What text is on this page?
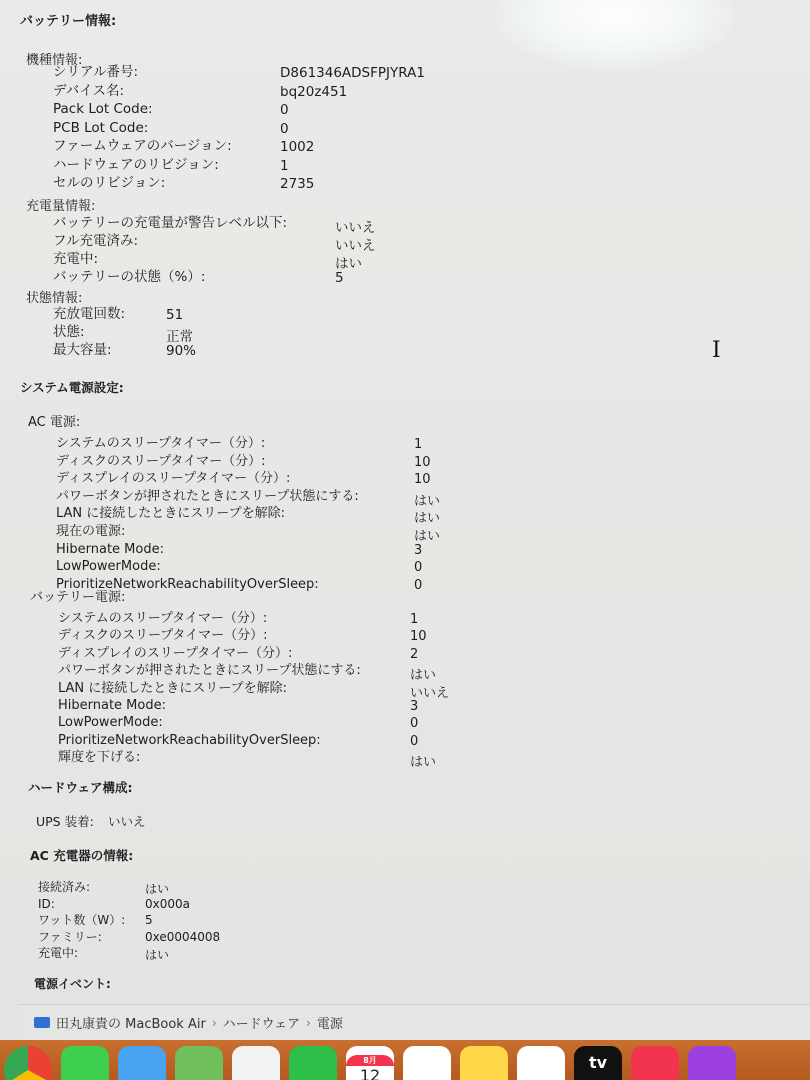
バッテリー情報:
機種情報:
シリアル番号:	D861346ADSFPJYRA1
デバイス名:	bq20z451
Pack Lot Code:	0
PCB Lot Code:	0
ファームウェアのバージョン:	1002
ハードウェアのリビジョン:	1
セルのリビジョン:	2735
充電量情報:
バッテリーの充電量が警告レベル以下:	いいえ
フル充電済み:	いいえ
充電中:	はい
バッテリーの状態（%）:	5
状態情報:
充放電回数:	51
状態:	正常
最大容量:	90%	I
システム電源設定:
AC 電源:
システムのスリープタイマー（分）:	1
ディスクのスリープタイマー（分）:	10
ディスプレイのスリープタイマー（分）:	10
パワーボタンが押されたときにスリープ状態にする:	はい
LAN に接続したときにスリープを解除:	はい
現在の電源:	はい
Hibernate Mode:	3
LowPowerMode:	0
PrioritizeNetworkReachabilityOverSleep:	0
バッテリー電源:
システムのスリープタイマー（分）:	1
ディスクのスリープタイマー（分）:	10
ディスプレイのスリープタイマー（分）:	2
パワーボタンが押されたときにスリープ状態にする:	はい
LAN に接続したときにスリープを解除:	いいえ
Hibernate Mode:	3
LowPowerMode:	0
PrioritizeNetworkReachabilityOverSleep:	0
輝度を下げる:	はい
ハードウェア構成:
UPS 装着: いいえ
AC 充電器の情報:
接続済み:	はい
ID:	0x000a
ワット数（W）: 5
ファミリー:	0xe0004008
充電中:	はい
電源イベント:
田丸康貴の MacBook Air › ハードウェア › 電源
8月
12
tv
